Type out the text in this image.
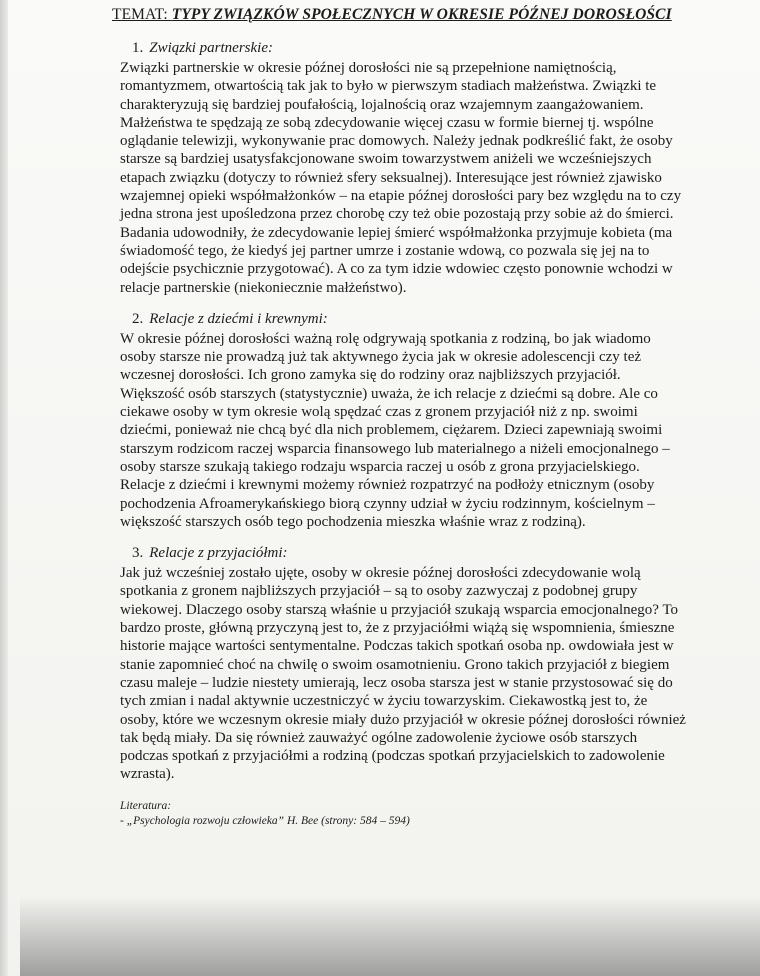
TEMAT: TYPY ZWIĄZKÓW SPOŁECZNYCH W OKRESIE PÓŹNEJ DOROSŁOŚCI
1. Związki partnerskie:

Związki partnerskie w okresie późnej dorosłości nie są przepełnione namiętnością, romantyzmem, otwartością tak jak to było w pierwszym stadiach małżeństwa. Związki te charakteryzują się bardziej poufałością, lojalnością oraz wzajemnym zaangażowaniem. Małżeństwa te spędzają ze sobą zdecydowanie więcej czasu w formie biernej tj. wspólne oglądanie telewizji, wykonywanie prac domowych. Należy jednak podkreślić fakt, że osoby starsze są bardziej usatysfakcjonowane swoim towarzystwem aniżeli we wcześniejszych etapach związku (dotyczy to również sfery seksualnej). Interesujące jest również zjawisko wzajemnej opieki współmałżonków – na etapie późnej dorosłości pary bez względu na to czy jedna strona jest upośledzona przez chorobę czy też obie pozostają przy sobie aż do śmierci. Badania udowodniły, że zdecydowanie lepiej śmierć współmałżonka przyjmuje kobieta (ma świadomość tego, że kiedyś jej partner umrze i zostanie wdową, co pozwala się jej na to odejście psychicznie przygotować). A co za tym idzie wdowiec często ponownie wchodzi w relacje partnerskie (niekoniecznie małżeństwo).

2. Relacje z dziećmi i krewnymi:

W okresie późnej dorosłości ważną rolę odgrywają spotkania z rodziną, bo jak wiadomo osoby starsze nie prowadzą już tak aktywnego życia jak w okresie adolescencji czy też wczesnej dorosłości. Ich grono zamyka się do rodziny oraz najbliższych przyjaciół. Większość osób starszych (statystycznie) uważa, że ich relacje z dziećmi są dobre. Ale co ciekawe osoby w tym okresie wolą spędzać czas z gronem przyjaciół niż z np. swoimi dziećmi, ponieważ nie chcą być dla nich problemem, ciężarem. Dzieci zapewniają swoimi starszym rodzicom raczej wsparcia finansowego lub materialnego a niżeli emocjonalnego – osoby starsze szukają takiego rodzaju wsparcia raczej u osób z grona przyjacielskiego. Relacje z dziećmi i krewnymi możemy również rozpatrzyć na podłoży etnicznym (osoby pochodzenia Afroamerykańskiego biorą czynny udział w życiu rodzinnym, kościelnym – większość starszych osób tego pochodzenia mieszka właśnie wraz z rodziną).

3. Relacje z przyjaciółmi:

Jak już wcześniej zostało ujęte, osoby w okresie późnej dorosłości zdecydowanie wolą spotkania z gronem najbliższych przyjaciół – są to osoby zazwyczaj z podobnej grupy wiekowej. Dlaczego osoby starszą właśnie u przyjaciół szukają wsparcia emocjonalnego? To bardzo proste, główną przyczyną jest to, że z przyjaciółmi wiążą się wspomnienia, śmieszne historie mające wartości sentymentalne. Podczas takich spotkań osoba np. owdowiała jest w stanie zapomnieć choć na chwilę o swoim osamotnieniu. Grono takich przyjaciół z biegiem czasu maleje – ludzie niestety umierają, lecz osoba starsza jest w stanie przystosować się do tych zmian i nadal aktywnie uczestniczyć w życiu towarzyskim. Ciekawostką jest to, że osoby, które we wczesnym okresie miały dużo przyjaciół w okresie późnej dorosłości również tak będą miały. Da się również zauważyć ogólne zadowolenie życiowe osób starszych podczas spotkań z przyjaciółmi a rodziną (podczas spotkań przyjacielskich to zadowolenie wzrasta).

Literatura:
- „Psychologia rozwoju człowieka” H. Bee (strony: 584 – 594)
